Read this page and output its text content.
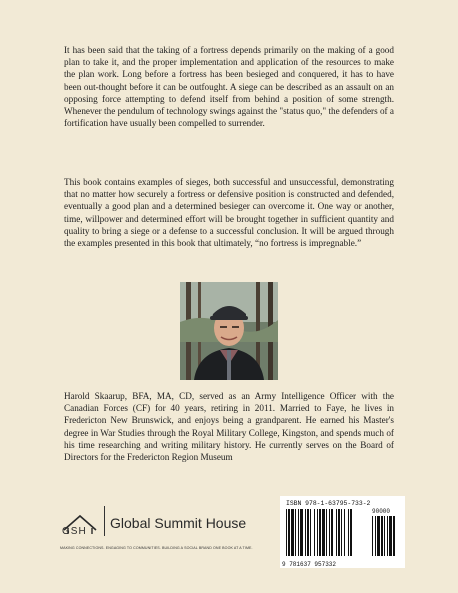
It has been said that the taking of a fortress depends primarily on the making of a good plan to take it, and the proper implementation and application of the resources to make the plan work. Long before a fortress has been besieged and conquered, it has to have been out-thought before it can be outfought. A siege can be described as an assault on an opposing force attempting to defend itself from behind a position of some strength. Whenever the pendulum of technology swings against the "status quo," the defenders of a fortification have usually been compelled to surrender.

This book contains examples of sieges, both successful and unsuccessful, demonstrating that no matter how securely a fortress or defensive position is constructed and defended, eventually a good plan and a determined besieger can overcome it. One way or another, time, willpower and determined effort will be brought together in sufficient quantity and quality to bring a siege or a defense to a successful conclusion. It will be argued through the examples presented in this book that ultimately, “no fortress is impregnable.”

Harold Skaarup, BFA, MA, CD, served as an Army Intelligence Officer with the Canadian Forces (CF) for 40 years, retiring in 2011. Married to Faye, he lives in Fredericton New Brunswick, and enjoys being a grandparent. He earned his Master's degree in War Studies through the Royal Military College, Kingston, and spends much of his time researching and writing military history. He currently serves on the Board of Directors for the Fredericton Region Museum

GSH
Global Summit House
MAKING CONNECTIONS. ENGAGING TO COMMUNITIES. BUILDING A SOCIAL BRAND ONE BOOK AT A TIME.
ISBN 978-1-63795-733-2
90000
9 781637 957332
